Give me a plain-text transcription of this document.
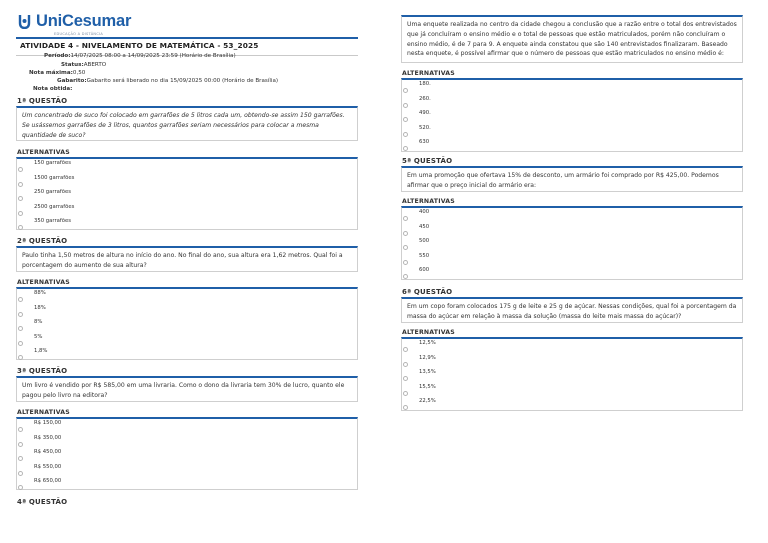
UniCesumar
EDUCAÇÃO A DISTÂNCIA
ATIVIDADE 4 - NIVELAMENTO DE MATEMÁTICA - 53_2025
Período:14/07/2025 08:00 a 14/09/2025 23:59 (Horário de Brasília)
Status:ABERTO
Nota máxima:0,50
Gabarito:Gabarito será liberado no dia 15/09/2025 00:00 (Horário de Brasília)
Nota obtida:
1ª QUESTÃO
Um concentrado de suco foi colocado em garrafões de 5 litros cada um, obtendo-se assim 150 garrafões. Se usássemos garrafões de 3 litros, quantos garrafões seriam necessários para colocar a mesma quantidade de suco?
ALTERNATIVAS
150 garrafões
1500 garrafões
250 garrafões
2500 garrafões
350 garrafões
2ª QUESTÃO
Paulo tinha 1,50 metros de altura no início do ano. No final do ano, sua altura era 1,62 metros. Qual foi a porcentagem do aumento de sua altura?
ALTERNATIVAS
88%
18%
8%
5%
1,8%
3ª QUESTÃO
Um livro é vendido por R$ 585,00 em uma livraria. Como o dono da livraria tem 30% de lucro, quanto ele pagou pelo livro na editora?
ALTERNATIVAS
R$ 150,00
R$ 350,00
R$ 450,00
R$ 550,00
R$ 650,00
4ª QUESTÃO
Uma enquete realizada no centro da cidade chegou a conclusão que a razão entre o total dos entrevistados que já concluíram o ensino médio e o total de pessoas que estão matriculados, porém não concluíram o ensino médio, é de 7 para 9. A enquete ainda constatou que são 140 entrevistados finalizaram. Baseado nesta enquete, é possível afirmar que o número de pessoas que estão matriculados no ensino médio é:
ALTERNATIVAS
180.
260.
490.
520.
630
5ª QUESTÃO
Em uma promoção que ofertava 15% de desconto, um armário foi comprado por R$ 425,00. Podemos afirmar que o preço inicial do armário era:
ALTERNATIVAS
400
450
500
550
600
6ª QUESTÃO
Em um copo foram colocados 175 g de leite e 25 g de açúcar. Nessas condições, qual foi a porcentagem da massa do açúcar em relação à massa da solução (massa do leite mais massa do açúcar)?
ALTERNATIVAS
12,5%
12,9%
13,5%
15,5%
22,5%
